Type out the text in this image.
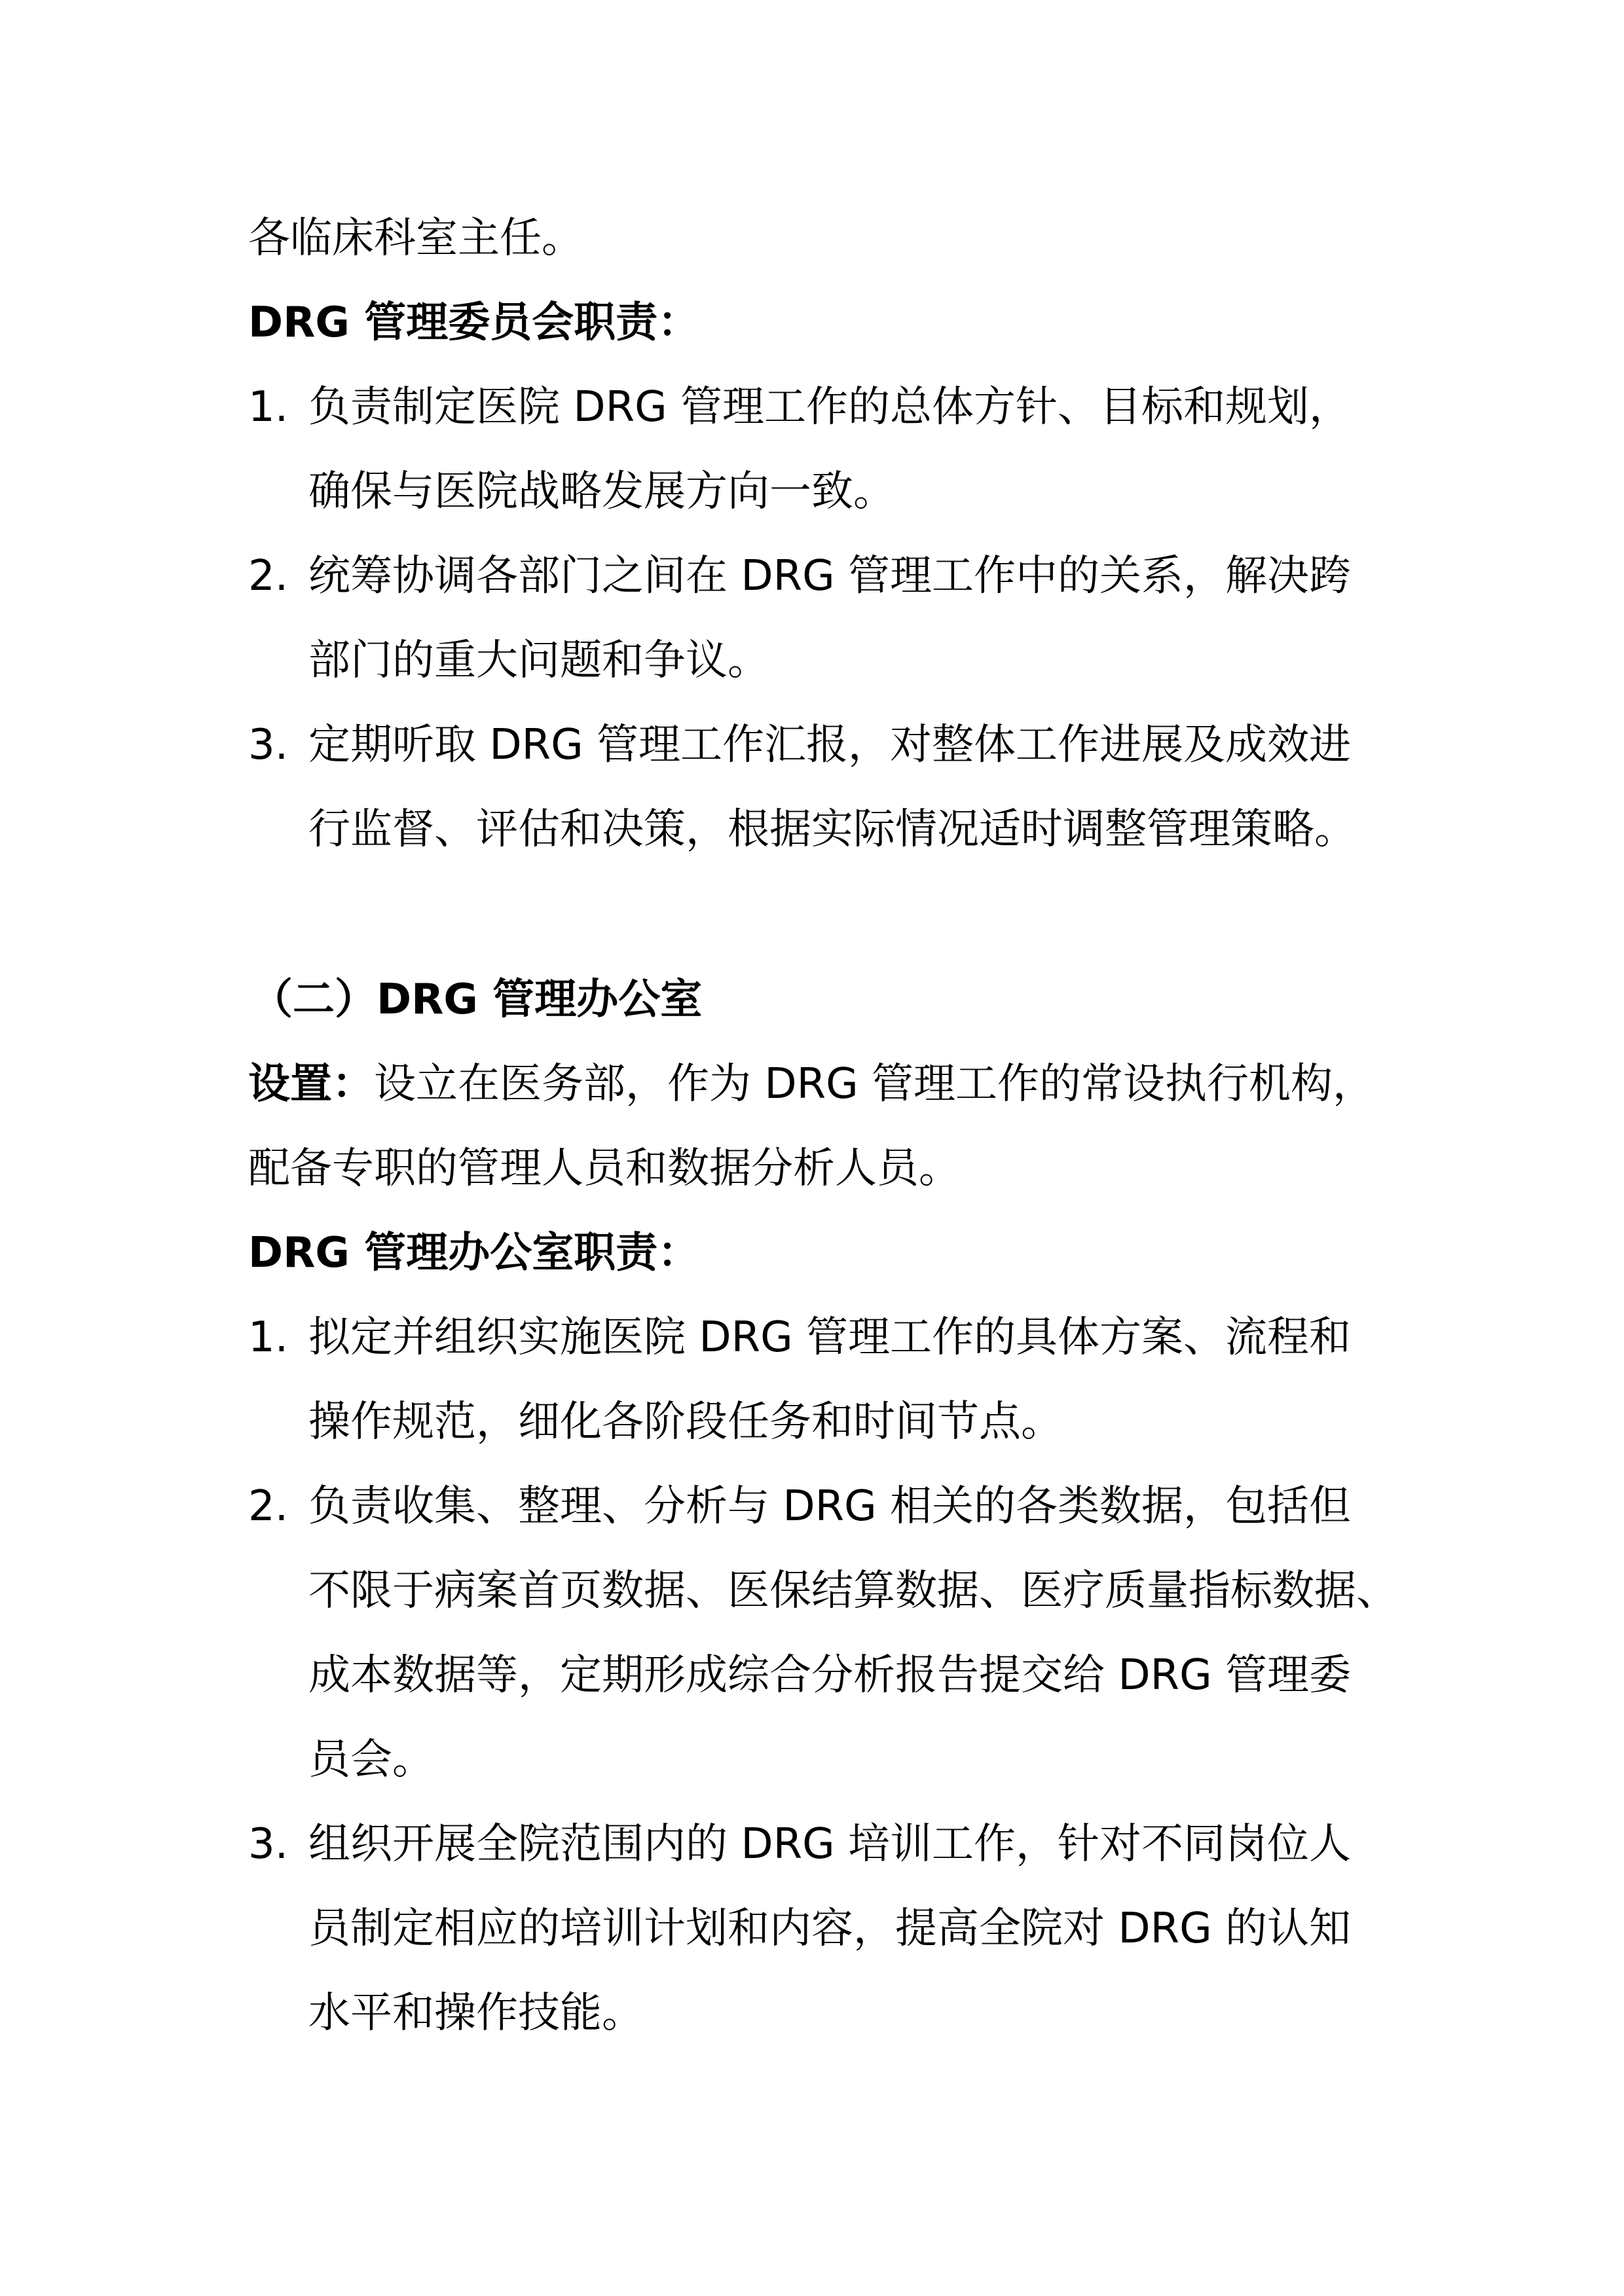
各临床科室主任。
DRG 管理委员会职责：
1. 负责制定医院 DRG 管理工作的总体方针、目标和规划，
确保与医院战略发展方向一致。
2. 统筹协调各部门之间在 DRG 管理工作中的关系，解决跨
部门的重大问题和争议。
3. 定期听取 DRG 管理工作汇报，对整体工作进展及成效进
行监督、评估和决策，根据实际情况适时调整管理策略。
（二）DRG 管理办公室
设置：设立在医务部，作为 DRG 管理工作的常设执行机构，
配备专职的管理人员和数据分析人员。
DRG 管理办公室职责：
1. 拟定并组织实施医院 DRG 管理工作的具体方案、流程和
操作规范，细化各阶段任务和时间节点。
2. 负责收集、整理、分析与 DRG 相关的各类数据，包括但
不限于病案首页数据、医保结算数据、医疗质量指标数据、
成本数据等，定期形成综合分析报告提交给 DRG 管理委
员会。
3. 组织开展全院范围内的 DRG 培训工作，针对不同岗位人
员制定相应的培训计划和内容，提高全院对 DRG 的认知
水平和操作技能。
